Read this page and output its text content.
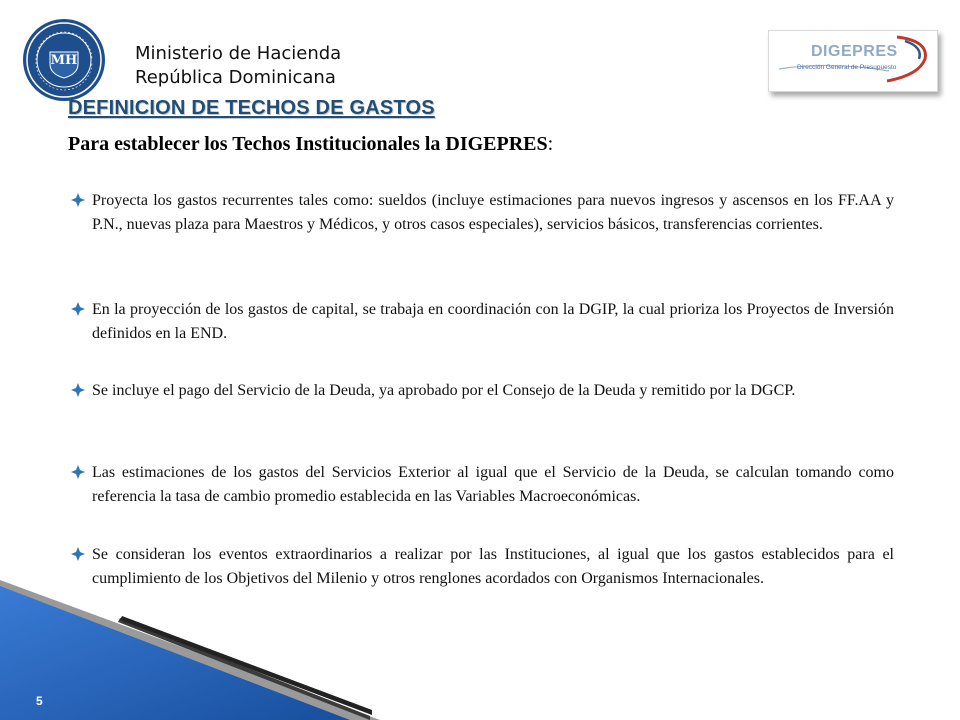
MH	Ministerio de Hacienda
República Dominicana
DIGEPRES
Dirección General de Presupuesto
DEFINICION DE TECHOS DE GASTOS
Para establecer los Techos Institucionales la DIGEPRES:

Proyecta los gastos recurrentes tales como: sueldos (incluye estimaciones para nuevos ingresos y ascensos en los FF.AA y P.N., nuevas plaza para Maestros y Médicos, y otros casos especiales), servicios básicos, transferencias corrientes.

En la proyección de los gastos de capital, se trabaja en coordinación con la DGIP, la cual prioriza los Proyectos de Inversión definidos en la END.

Se incluye el pago del Servicio de la Deuda, ya aprobado por el Consejo de la Deuda y remitido por la DGCP.

Las estimaciones de los gastos del Servicios Exterior al igual que el Servicio de la Deuda, se calculan tomando como referencia la tasa de cambio promedio establecida en las Variables Macroeconómicas.

Se consideran los eventos extraordinarios a realizar por las Instituciones, al igual que los gastos establecidos para el cumplimiento de los Objetivos del Milenio y otros renglones acordados con Organismos Internacionales.

5
